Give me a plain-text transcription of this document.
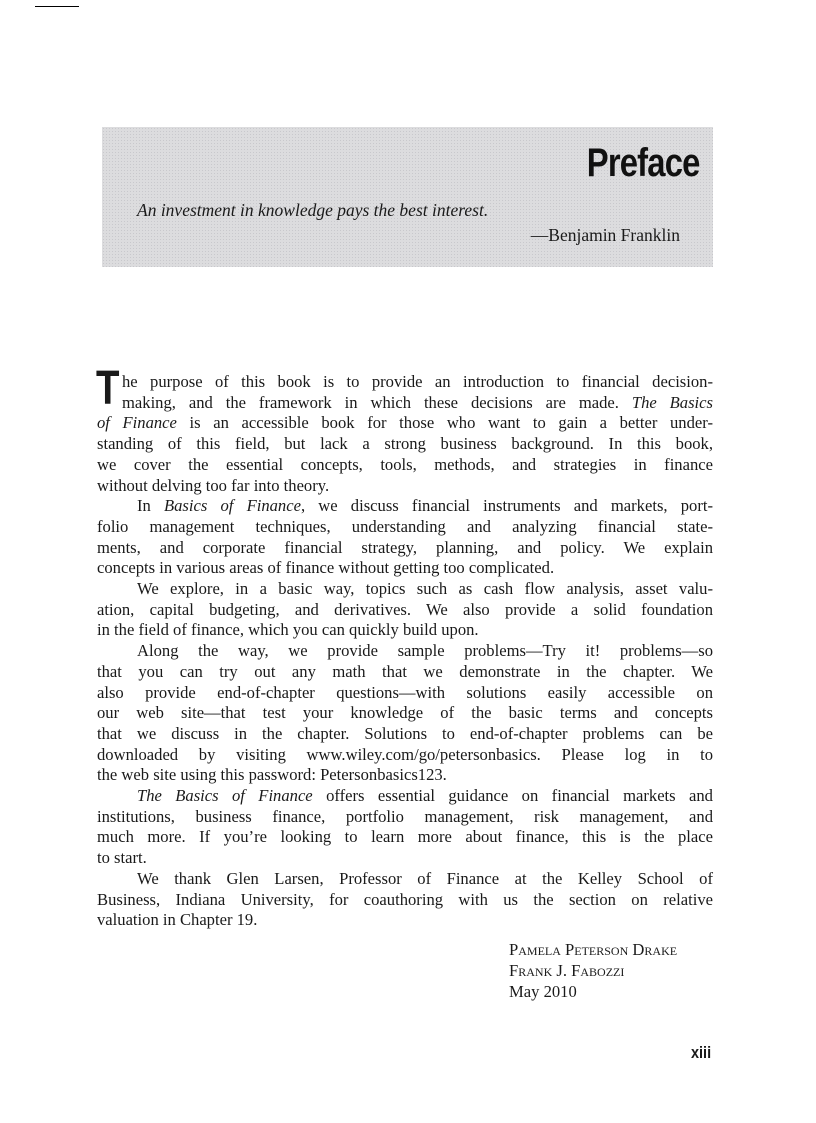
Preface
An investment in knowledge pays the best interest.
—Benjamin Franklin
T he purpose of this book is to provide an introduction to financial decision-
making, and the framework in which these decisions are made. The Basics
of Finance is an accessible book for those who want to gain a better under-
standing of this field, but lack a strong business background. In this book,
we cover the essential concepts, tools, methods, and strategies in finance
without delving too far into theory.
In Basics of Finance, we discuss financial instruments and markets, port-
folio management techniques, understanding and analyzing financial state-
ments, and corporate financial strategy, planning, and policy. We explain
concepts in various areas of finance without getting too complicated.
We explore, in a basic way, topics such as cash flow analysis, asset valu-
ation, capital budgeting, and derivatives. We also provide a solid foundation
in the field of finance, which you can quickly build upon.
Along the way, we provide sample problems—Try it! problems—so
that you can try out any math that we demonstrate in the chapter. We
also provide end-of-chapter questions—with solutions easily accessible on
our web site—that test your knowledge of the basic terms and concepts
that we discuss in the chapter. Solutions to end-of-chapter problems can be
downloaded by visiting www.wiley.com/go/petersonbasics. Please log in to
the web site using this password: Petersonbasics123.
The Basics of Finance offers essential guidance on financial markets and
institutions, business finance, portfolio management, risk management, and
much more. If you’re looking to learn more about finance, this is the place
to start.
We thank Glen Larsen, Professor of Finance at the Kelley School of
Business, Indiana University, for coauthoring with us the section on relative
valuation in Chapter 19.
Pamela Peterson Drake
Frank J. Fabozzi
May 2010
xiii
